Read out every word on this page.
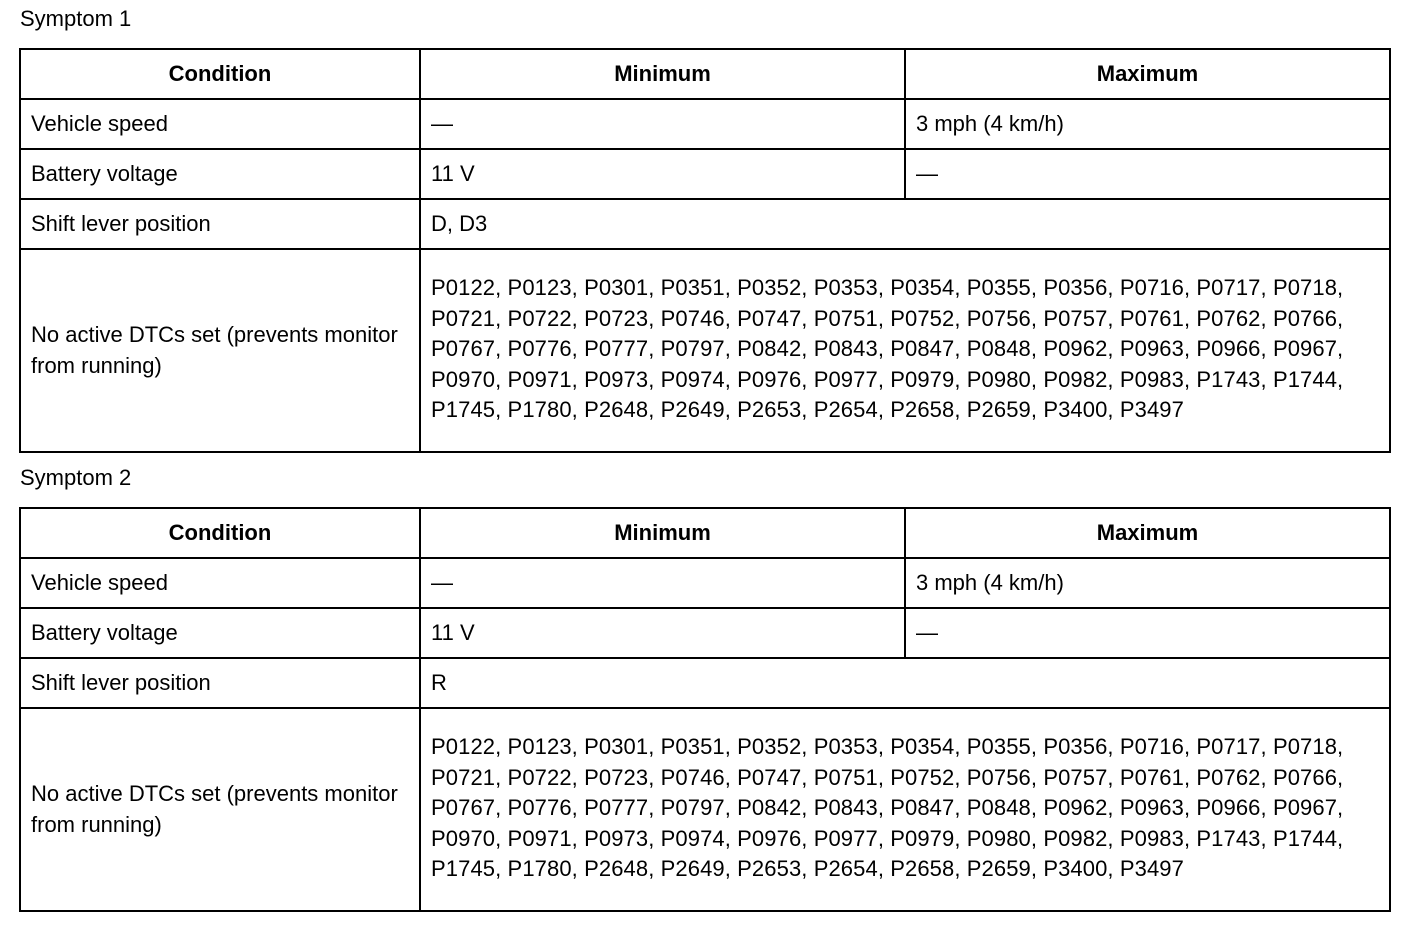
Symptom 1
Condition	Minimum	Maximum
Vehicle speed	—	3 mph (4 km/h)
Battery voltage	11 V	—
Shift lever position	D, D3	
No active DTCs set (prevents monitor from running)	P0122, P0123, P0301, P0351, P0352, P0353, P0354, P0355, P0356, P0716, P0717, P0718, P0721, P0722, P0723, P0746, P0747, P0751, P0752, P0756, P0757, P0761, P0762, P0766, P0767, P0776, P0777, P0797, P0842, P0843, P0847, P0848, P0962, P0963, P0966, P0967, P0970, P0971, P0973, P0974, P0976, P0977, P0979, P0980, P0982, P0983, P1743, P1744, P1745, P1780, P2648, P2649, P2653, P2654, P2658, P2659, P3400, P3497	
Symptom 2
Condition	Minimum	Maximum
Vehicle speed	—	3 mph (4 km/h)
Battery voltage	11 V	—
Shift lever position	R	
No active DTCs set (prevents monitor from running)	P0122, P0123, P0301, P0351, P0352, P0353, P0354, P0355, P0356, P0716, P0717, P0718, P0721, P0722, P0723, P0746, P0747, P0751, P0752, P0756, P0757, P0761, P0762, P0766, P0767, P0776, P0777, P0797, P0842, P0843, P0847, P0848, P0962, P0963, P0966, P0967, P0970, P0971, P0973, P0974, P0976, P0977, P0979, P0980, P0982, P0983, P1743, P1744, P1745, P1780, P2648, P2649, P2653, P2654, P2658, P2659, P3400, P3497	
